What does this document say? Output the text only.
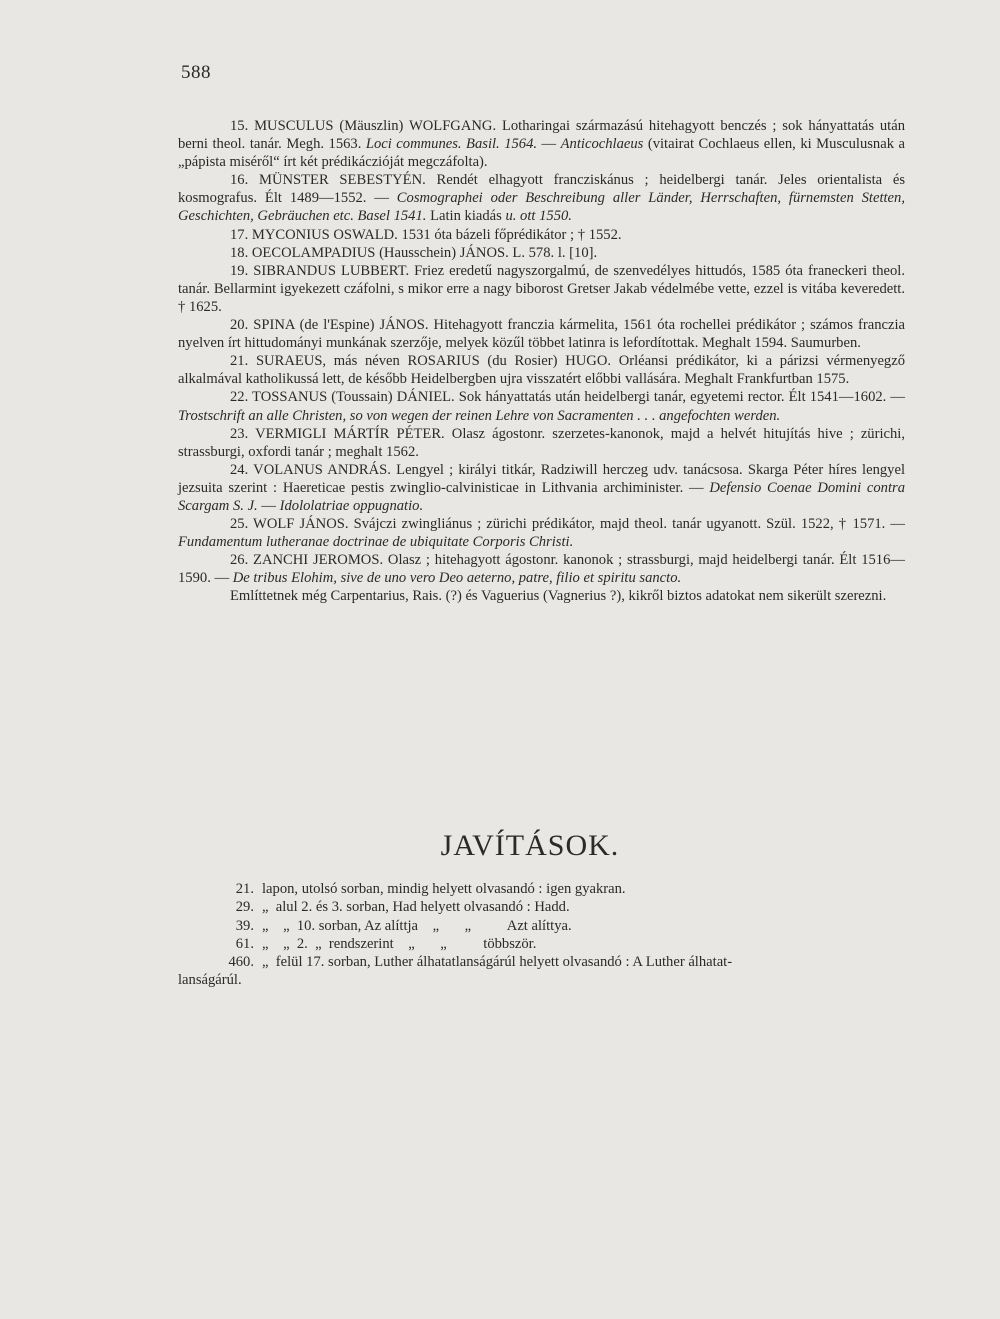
588

15. MUSCULUS (Mäuszlin) WOLFGANG. Lotharingai származású hitehagyott benczés ; sok hányattatás után berni theol. tanár. Megh. 1563. Loci communes. Basil. 1564. — Anticochlaeus (vitairat Cochlaeus ellen, ki Musculusnak a „pápista miséről“ írt két prédikáczióját megczáfolta).

16. MÜNSTER SEBESTYÉN. Rendét elhagyott francziskánus ; heidelbergi tanár. Jeles orientalista és kosmografus. Élt 1489—1552. — Cosmographei oder Beschreibung aller Länder, Herrschaften, fürnemsten Stetten, Geschichten, Gebräuchen etc. Basel 1541. Latin kiadás u. ott 1550.

17. MYCONIUS OSWALD. 1531 óta bázeli főprédikátor ; † 1552.

18. OECOLAMPADIUS (Hausschein) JÁNOS. L. 578. l. [10].

19. SIBRANDUS LUBBERT. Friez eredetű nagyszorgalmú, de szenvedélyes hittudós, 1585 óta franeckeri theol. tanár. Bellarmint igyekezett czáfolni, s mikor erre a nagy biborost Gretser Jakab védelmébe vette, ezzel is vitába keveredett. † 1625.

20. SPINA (de l'Espine) JÁNOS. Hitehagyott franczia kármelita, 1561 óta rochellei prédikátor ; számos franczia nyelven írt hittudományi munkának szerzője, melyek közűl többet latinra is lefordítottak. Meghalt 1594. Saumurben.

21. SURAEUS, más néven ROSARIUS (du Rosier) HUGO. Orléansi prédikátor, ki a párizsi vérmenyegző alkalmával katholikussá lett, de később Heidelbergben ujra visszatért előbbi vallására. Meghalt Frankfurtban 1575.

22. TOSSANUS (Toussain) DÁNIEL. Sok hányattatás után heidelbergi tanár, egyetemi rector. Élt 1541—1602. — Trostschrift an alle Christen, so von wegen der reinen Lehre von Sacramenten . . . angefochten werden.

23. VERMIGLI MÁRTÍR PÉTER. Olasz ágostonr. szerzetes-kanonok, majd a helvét hitujítás hive ; zürichi, strassburgi, oxfordi tanár ; meghalt 1562.

24. VOLANUS ANDRÁS. Lengyel ; királyi titkár, Radziwill herczeg udv. tanácsosa. Skarga Péter híres lengyel jezsuita szerint : Haereticae pestis zwinglio-calvinisticae in Lithvania archiminister. — Defensio Coenae Domini contra Scargam S. J. — Idololatriae oppugnatio.

25. WOLF JÁNOS. Svájczi zwingliánus ; zürichi prédikátor, majd theol. tanár ugyanott. Szül. 1522, † 1571. — Fundamentum lutheranae doctrinae de ubiquitate Corporis Christi.

26. ZANCHI JEROMOS. Olasz ; hitehagyott ágostonr. kanonok ; strassburgi, majd heidelbergi tanár. Élt 1516—1590. — De tribus Elohim, sive de uno vero Deo aeterno, patre, filio et spiritu sancto.

Említtetnek még Carpentarius, Rais. (?) és Vaguerius (Vagnerius ?), kikről biztos adatokat nem sikerült szerezni.

JAVÍTÁSOK.
21. lapon, utolsó sorban, mindig helyett olvasandó : igen gyakran.
29. „  alul 2. és 3. sorban, Had helyett olvasandó : Hadd.
39. „    „  10. sorban, Az alíttja    „       „          Azt alíttya.
61. „    „  2.  „  rendszerint    „       „          többször.
460. „  felül 17. sorban, Luther álhatatlanságárúl helyett olvasandó : A Luther álhatat-
lanságárúl.
